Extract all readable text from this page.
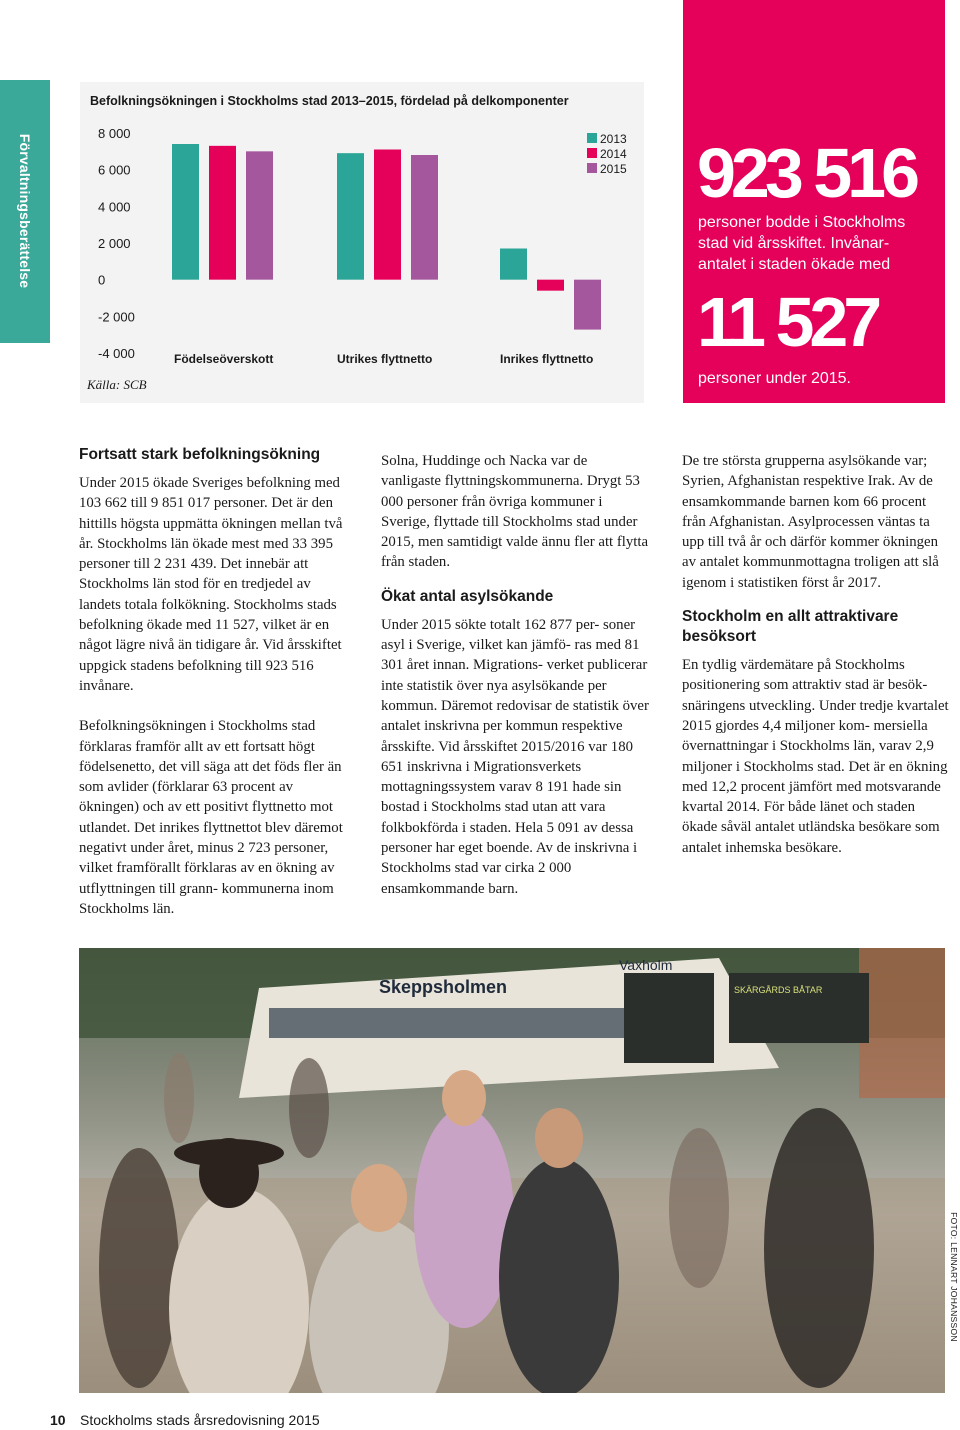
Förvaltningsberättelse
Befolkningsökningen i Stockholms stad 2013–2015, fördelad på delkomponenter
8 000
6 000
4 000
2 000
0
-2 000
-4 000	Födelseöverskott	Utrikes flyttnetto	Inrikes flyttnetto
2013
2014
2015
Källa: SCB
923 516
personer bodde i Stockholms stad vid årsskiftet. Invånar- antalet i staden ökade med
11 527
personer under 2015.
Fortsatt stark befolkningsökning

Under 2015 ökade Sveriges befolkning med 103 662 till 9 851 017 personer. Det är den hittills högsta uppmätta ökningen mellan två år. Stockholms län ökade mest med 33 395 personer till 2 231 439. Det innebär att Stockholms län stod för en tredjedel av landets totala folkökning. Stockholms stads befolkning ökade med 11 527, vilket är en något lägre nivå än tidigare år. Vid årsskiftet uppgick stadens befolkning till 923 516 invånare.

Befolkningsökningen i Stockholms stad förklaras framför allt av ett fortsatt högt födelsenetto, det vill säga att det föds fler än som avlider (förklarar 63 procent av ökningen) och av ett positivt flyttnetto mot utlandet. Det inrikes flyttnettot blev däremot negativt under året, minus 2 723 personer, vilket framförallt förklaras av en ökning av utflyttningen till grann- kommunerna inom Stockholms län.

Solna, Huddinge och Nacka var de vanligaste flyttningskommunerna. Drygt 53 000 personer från övriga kommuner i Sverige, flyttade till Stockholms stad under 2015, men samtidigt valde ännu fler att flytta från staden.

Ökat antal asylsökande

Under 2015 sökte totalt 162 877 per- soner asyl i Sverige, vilket kan jämfö- ras med 81 301 året innan. Migrations- verket publicerar inte statistik över nya asylsökande per kommun. Däremot redovisar de statistik över antalet inskrivna per kommun respektive årsskifte. Vid årsskiftet 2015/2016 var 180 651 inskrivna i Migrationsverkets mottagningssystem varav 8 191 hade sin bostad i Stockholms stad utan att vara folkbokförda i staden. Hela 5 091 av dessa personer har eget boende. Av de inskrivna i Stockholms stad var cirka 2 000 ensamkommande barn.

De tre största grupperna asylsökande var; Syrien, Afghanistan respektive Irak. Av de ensamkommande barnen kom 66 procent från Afghanistan. Asylprocessen väntas ta upp till två år och därför kommer ökningen av antalet kommunmottagna troligen att slå igenom i statistiken först år 2017.

Stockholm en allt attraktivare besöksort

En tydlig värdemätare på Stockholms positionering som attraktiv stad är besök- snäringens utveckling. Under tredje kvartalet 2015 gjordes 4,4 miljoner kom- mersiella övernattningar i Stockholms län, varav 2,9 miljoner i Stockholms stad. Det är en ökning med 12,2 procent jämfört med motsvarande kvartal 2014. För både länet och staden ökade såväl antalet utländska besökare som antalet inhemska besökare.

Skeppsholmen
Vaxholm
SKÄRGÅRDS BÅTAR
FOTO: LENNART JOHANSSON
10 Stockholms stads årsredovisning 2015
